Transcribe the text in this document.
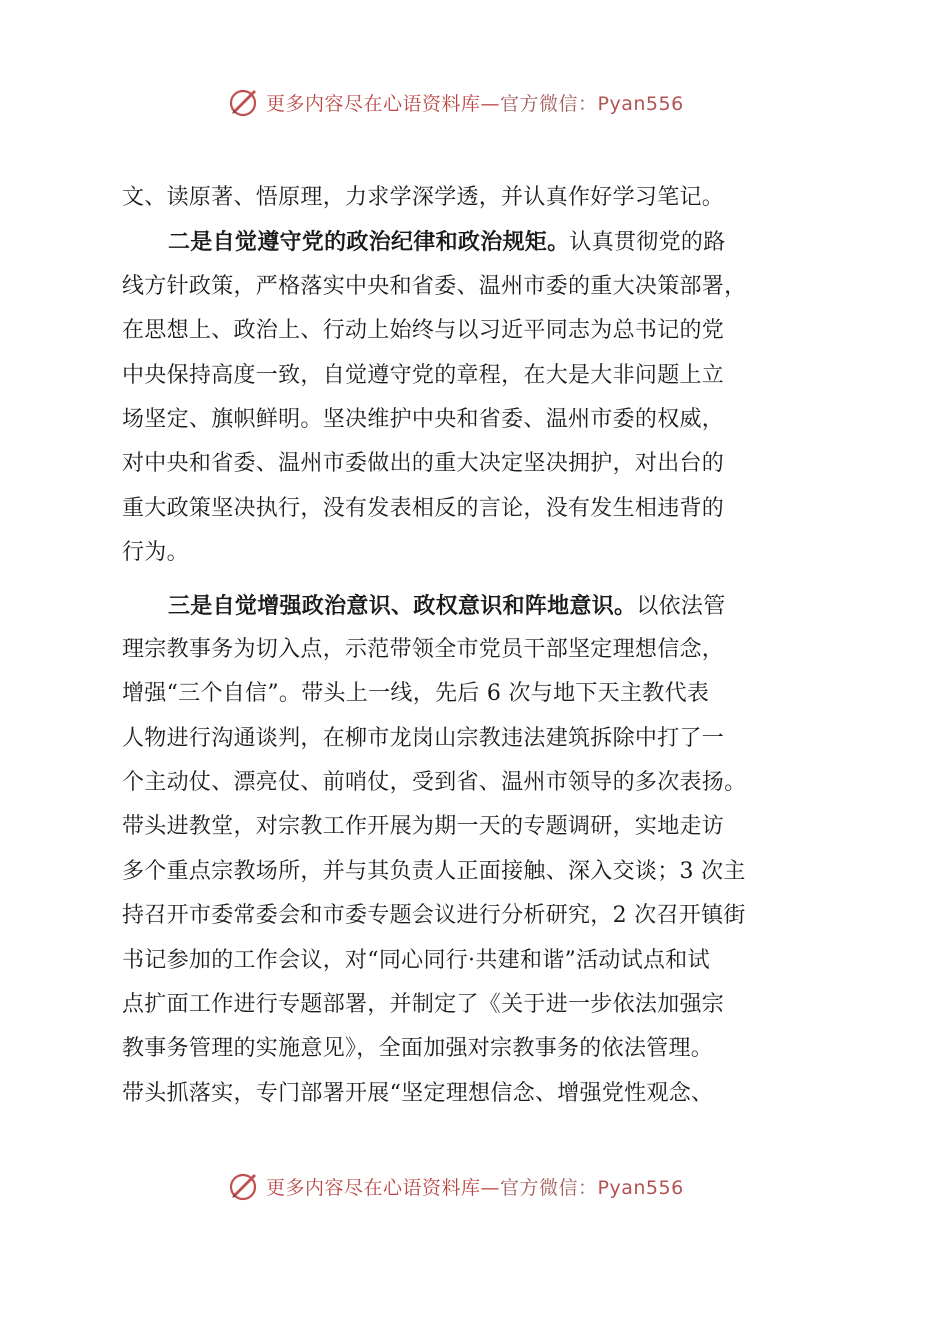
更多内容尽在心语资料库—官方微信：Pyan556
文、读原著、悟原理，力求学深学透，并认真作好学习笔记。
二是自觉遵守党的政治纪律和政治规矩。认真贯彻党的路
线方针政策，严格落实中央和省委、温州市委的重大决策部署，
在思想上、政治上、行动上始终与以习近平同志为总书记的党
中央保持高度一致，自觉遵守党的章程，在大是大非问题上立
场坚定、旗帜鲜明。坚决维护中央和省委、温州市委的权威，
对中央和省委、温州市委做出的重大决定坚决拥护，对出台的
重大政策坚决执行，没有发表相反的言论，没有发生相违背的
行为。
三是自觉增强政治意识、政权意识和阵地意识。以依法管
理宗教事务为切入点，示范带领全市党员干部坚定理想信念，
增强“三个自信”。带头上一线，先后 6 次与地下天主教代表
人物进行沟通谈判，在柳市龙岗山宗教违法建筑拆除中打了一
个主动仗、漂亮仗、前哨仗，受到省、温州市领导的多次表扬。
带头进教堂，对宗教工作开展为期一天的专题调研，实地走访
多个重点宗教场所，并与其负责人正面接触、深入交谈；3 次主
持召开市委常委会和市委专题会议进行分析研究，2 次召开镇街
书记参加的工作会议，对“同心同行·共建和谐”活动试点和试
点扩面工作进行专题部署，并制定了《关于进一步依法加强宗
教事务管理的实施意见》，全面加强对宗教事务的依法管理。
带头抓落实，专门部署开展“坚定理想信念、增强党性观念、
更多内容尽在心语资料库—官方微信：Pyan556
